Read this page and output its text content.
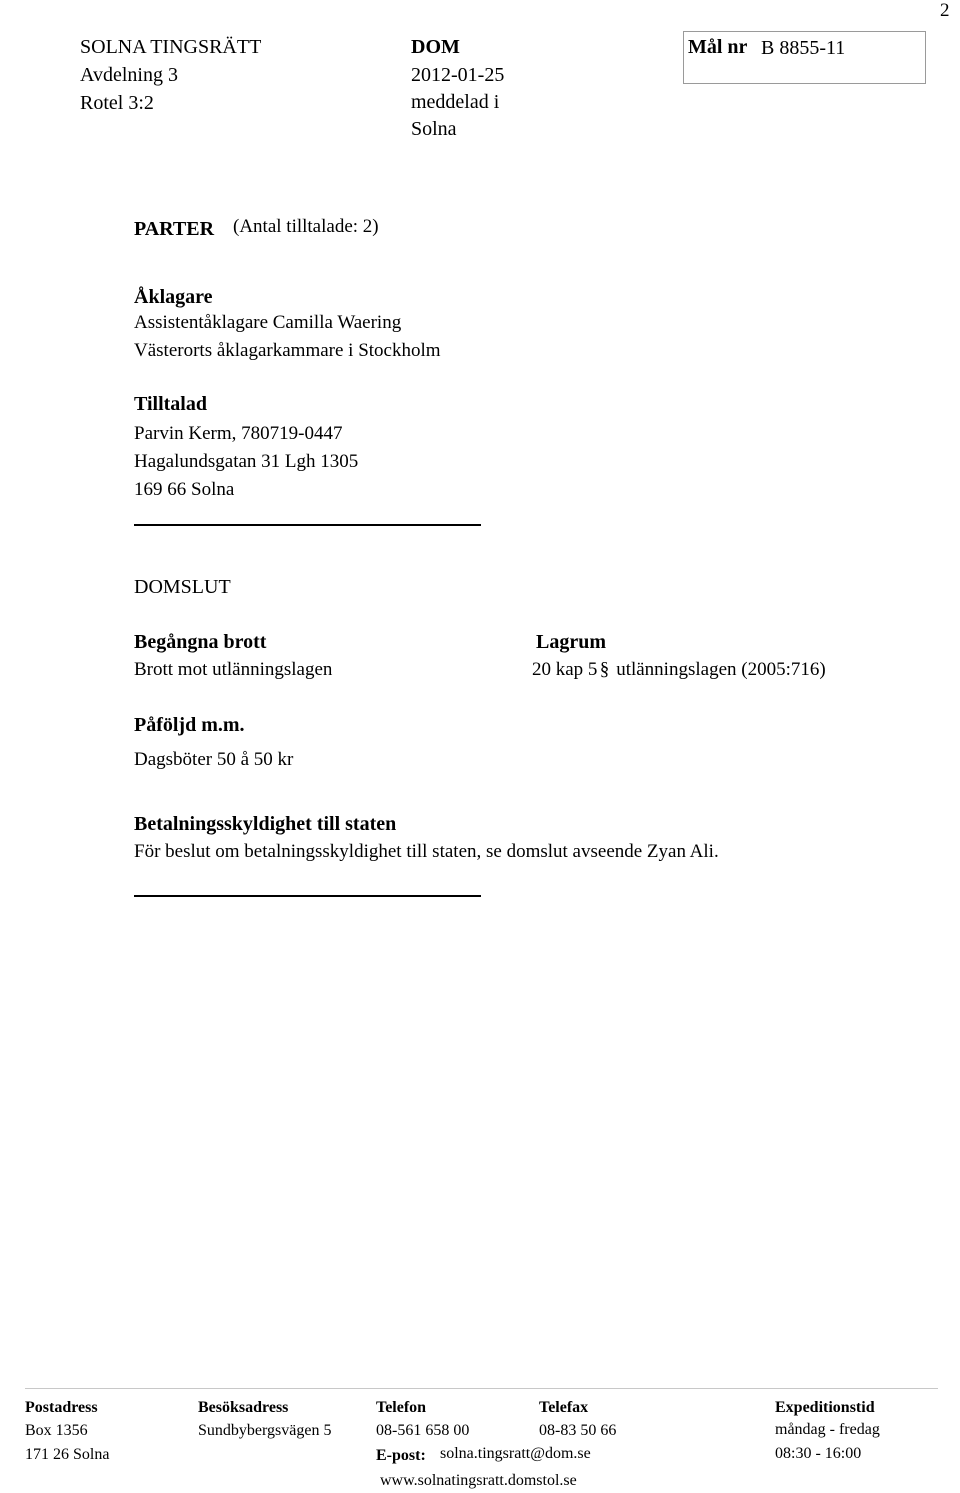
2
SOLNA TINGSRÄTT
Avdelning 3
Rotel 3:2
DOM
2012-01-25
meddelad i
Solna
Mål nr B 8855-11
PARTER (Antal tilltalade: 2)
Åklagare
Assistentåklagare Camilla Waering
Västerorts åklagarkammare i Stockholm
Tilltalad
Parvin Kerm, 780719-0447
Hagalundsgatan 31 Lgh 1305
169 66 Solna
DOMSLUT
Begångna brott
Brott mot utlänningslagen
Lagrum
20 kap 5 § utlänningslagen (2005:716)
Påföljd m.m.
Dagsböter 50 å 50 kr
Betalningsskyldighet till staten
För beslut om betalningsskyldighet till staten, se domslut avseende Zyan Ali.
Postadress
Box 1356
171 26 Solna
Besöksadress
Sundbybergsvägen 5
Telefon
08-561 658 00
E-post: solna.tingsratt@dom.se
www.solnatingsratt.domstol.se
Telefax
08-83 50 66
Expeditionstid
måndag - fredag
08:30 - 16:00
